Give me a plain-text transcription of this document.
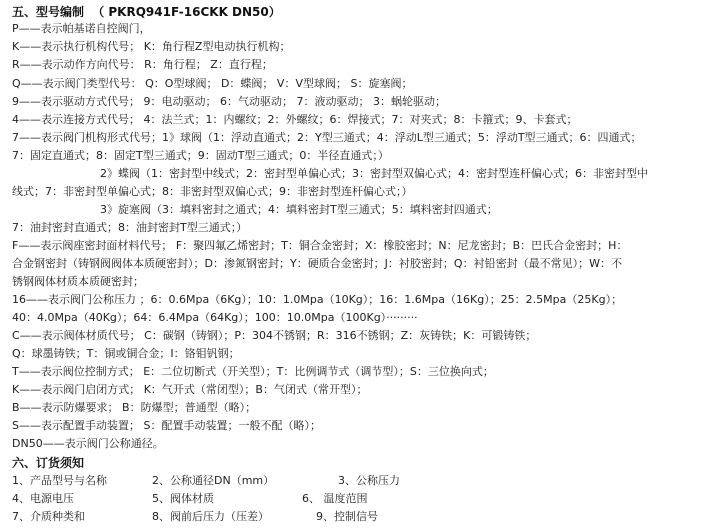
五、型号编制 （ PKRQ941F-16CKK DN50）
P——表示帕基诺自控阀门，
K——表示执行机构代号； K：角行程Z型电动执行机构；
R——表示动作方向代号： R：角行程； Z：直行程；
Q——表示阀门类型代号： Q：O型球阀； D：蝶阀； V：V型球阀； S：旋塞阀；
9——表示驱动方式代号； 9：电动驱动； 6：气动驱动； 7：液动驱动； 3：蜗轮驱动；
4——表示连接方式代号； 4：法兰式；1：内螺纹；2：外螺纹；6：焊接式；7：对夹式；8：卡箍式；9、卡套式；
7——表示阀门机构形式代号；1》球阀（1：浮动直通式；2：Y型三通式；4：浮动L型三通式；5：浮动T型三通式；6：四通式；
7：固定直通式；8：固定T型三通式；9：固动T型三通式；0：半径直通式；）
2》蝶阀（1：密封型中线式；2：密封型单偏心式；3：密封型双偏心式；4：密封型连杆偏心式；6：非密封型中
线式；7：非密封型单偏心式；8：非密封型双偏心式；9：非密封型连杆偏心式；）
3》旋塞阀（3：填料密封之通式；4：填料密封T型三通式；5：填料密封四通式；
7：油封密封直通式；8：油封密封T型三通式；）
F——表示阀座密封面材料代号； F：聚四氟乙烯密封；T：铜合金密封；X：橡胶密封；N：尼龙密封；B：巴氏合金密封；H：
合金钢密封（铸钢阀阀体本质硬密封）；D：渗氮钢密封；Y：硬质合金密封；J：衬胶密封；Q：衬铅密封（最不常见）；W：不
锈钢阀体材质本质硬密封；
16——表示阀门公称压力 ；6：0.6Mpa（6Kg）；10：1.0Mpa（10Kg）；16：1.6Mpa（16Kg）；25：2.5Mpa（25Kg）；
40：4.0Mpa（40Kg）；64：6.4Mpa（64Kg）；100：10.0Mpa（100Kg）·········
C——表示阀体材质代号； C：碳钢（铸钢）；P：304不锈钢；R：316不锈钢；Z：灰铸铁；K：可锻铸铁；
Q：球墨铸铁；T：铜或铜合金；I：铬钼钒钢；
T——表示阀位控制方式； E：二位切断式（开关型）；T：比例调节式（调节型）；S：三位换向式；
K——表示阀门启闭方式； K：气开式（常闭型）；B：气闭式（常开型）；
B——表示防爆要求； B：防爆型；普通型（略）；
S——表示配置手动装置； S：配置手动装置；一般不配（略）；
DN50——表示阀门公称通径。
六、订货须知
1、产品型号与名称	2、公称通径DN（mm）	3、公称压力
4、电源电压	5、阀体材质	6、 温度范围
7、介质种类和	8、阀前后压力（压差）	9、控制信号
